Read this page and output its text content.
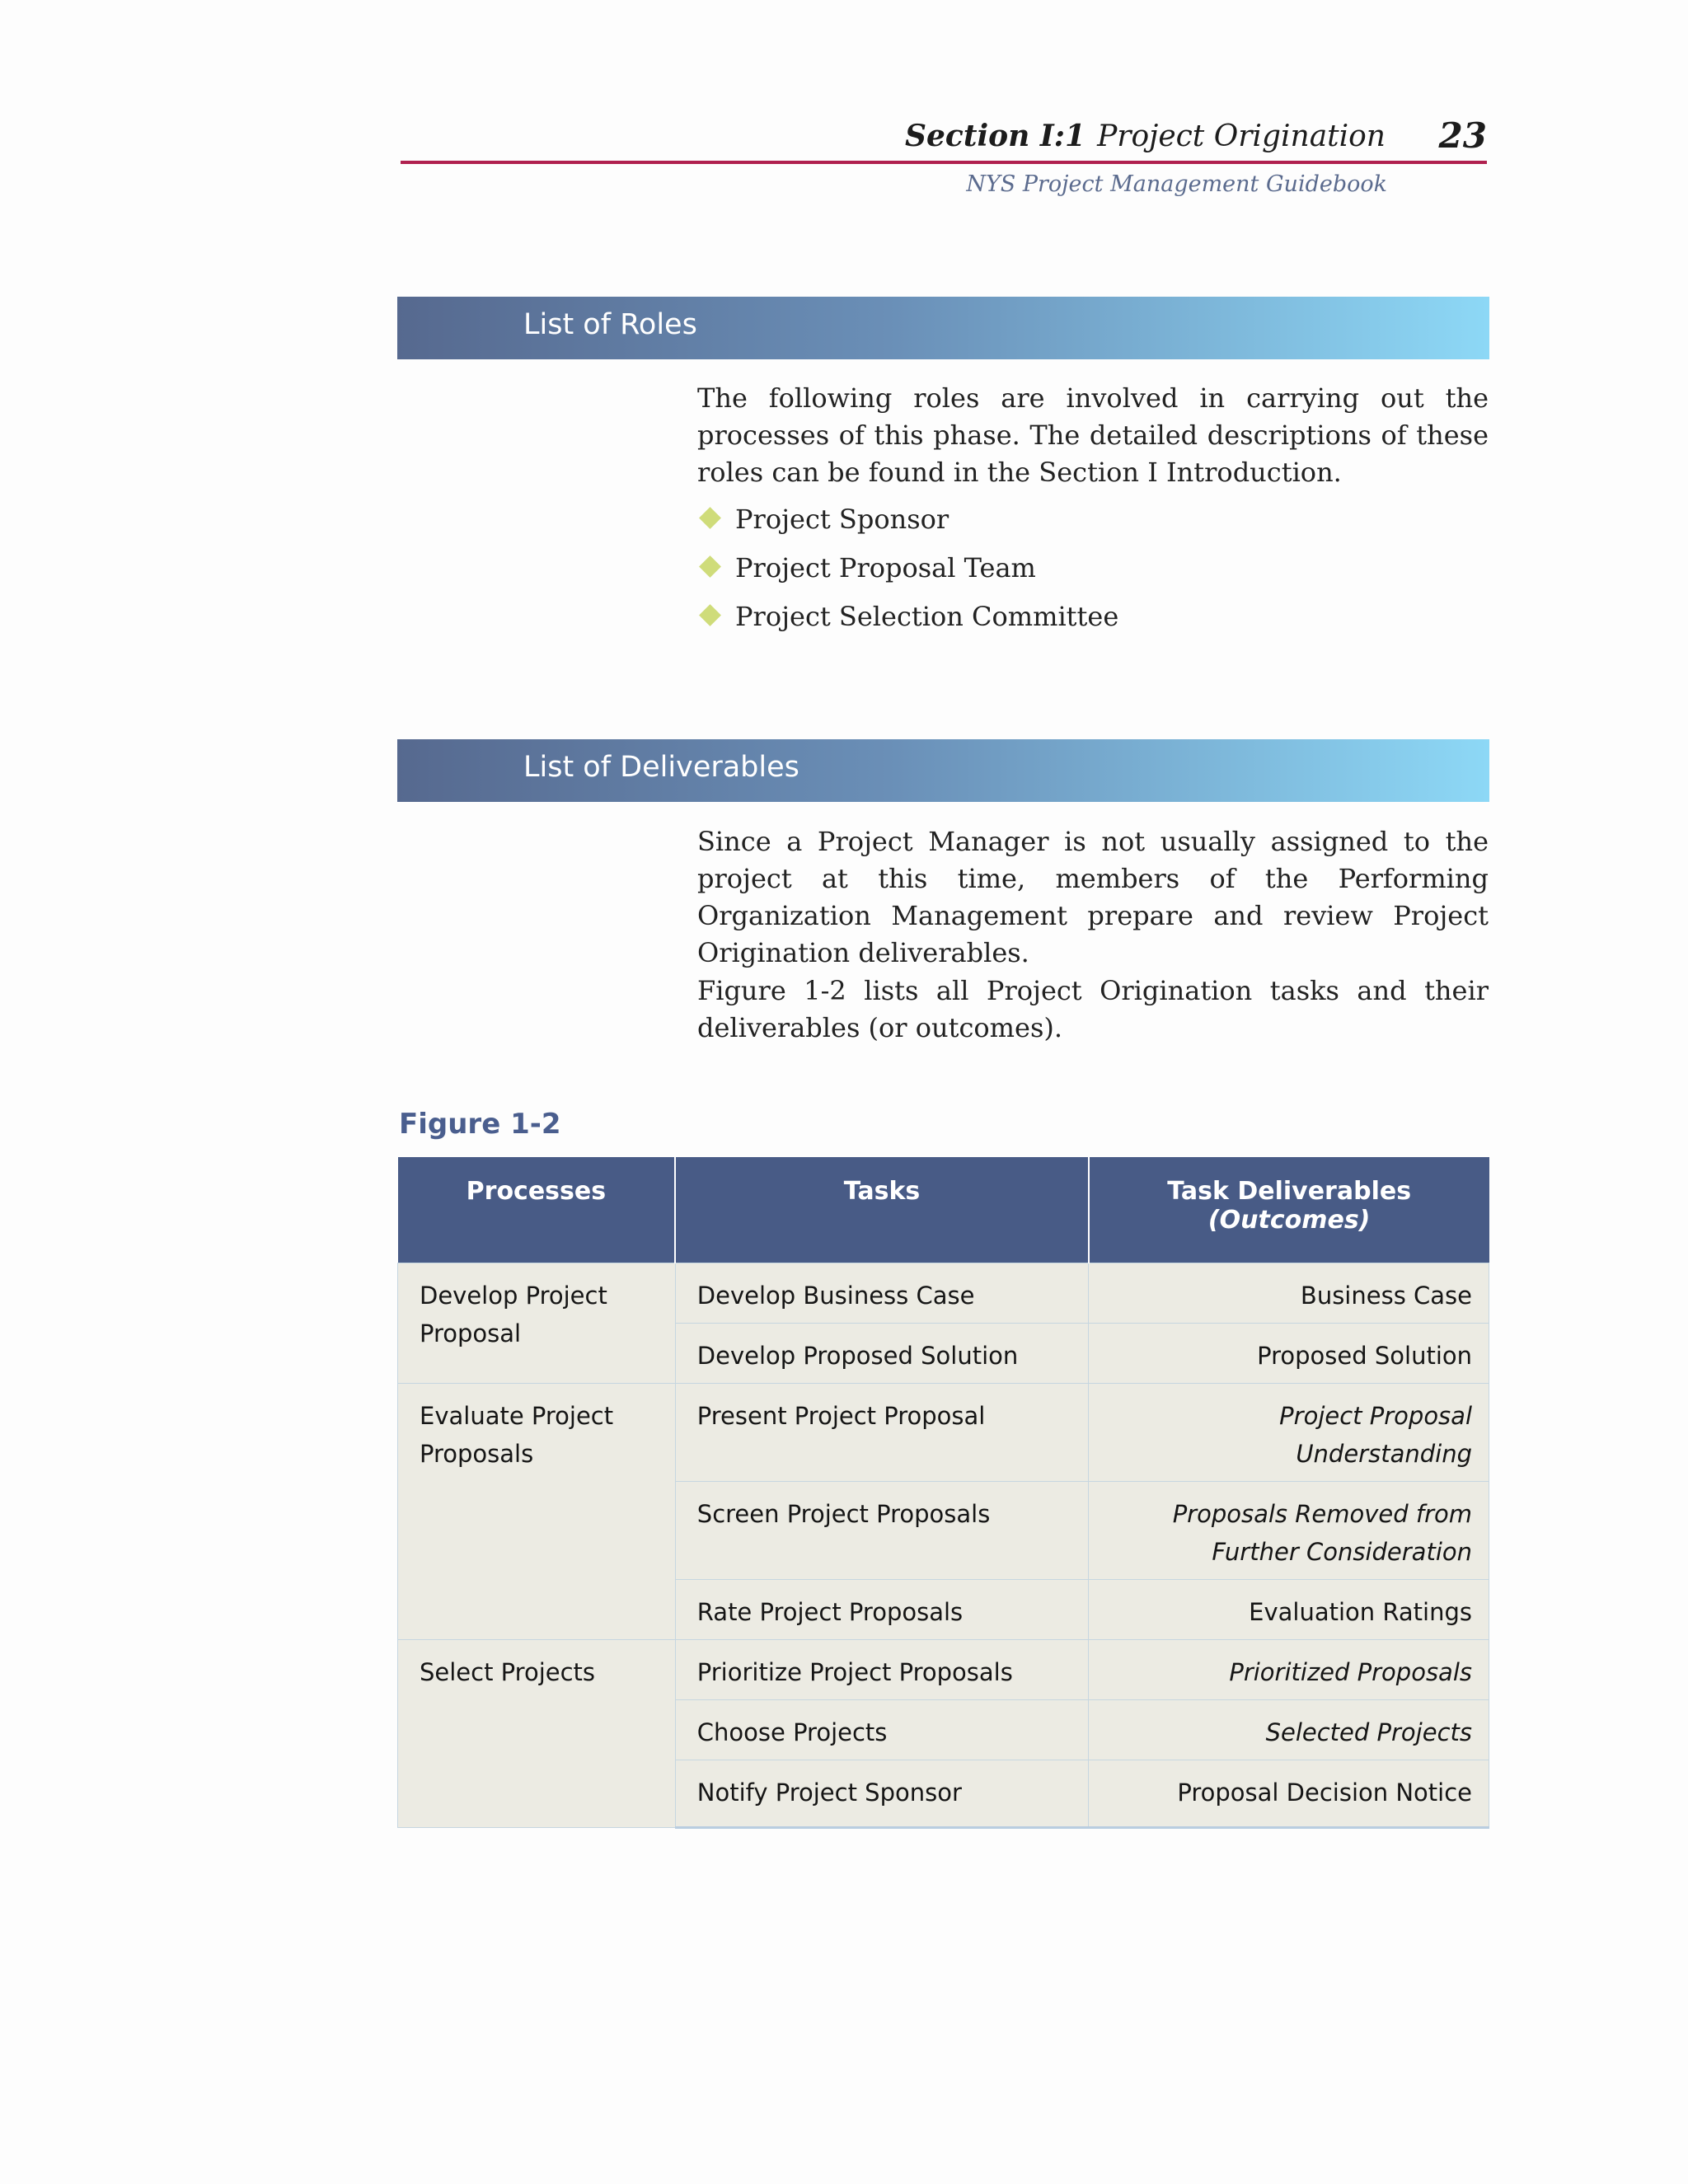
Section I:1 Project Origination 23
NYS Project Management Guidebook
List of Roles
The following roles are involved in carrying out the processes of this phase. The detailed descriptions of these roles can be found in the Section I Introduction.
Project Sponsor
Project Proposal Team
Project Selection Committee
List of Deliverables
Since a Project Manager is not usually assigned to the project at this time, members of the Performing Organization Management prepare and review Project Origination deliverables.
Figure 1-2 lists all Project Origination tasks and their deliverables (or outcomes).
Figure 1-2
Processes	Tasks	Task Deliverables
(Outcomes)

Develop Project Proposal	Develop Business Case	Business Case
	Develop Proposed Solution	Proposed Solution
Evaluate Project Proposals	Present Project Proposal	Project Proposal Understanding
	Screen Project Proposals	Proposals Removed from Further Consideration
	Rate Project Proposals	Evaluation Ratings
Select Projects	Prioritize Project Proposals	Prioritized Proposals
	Choose Projects	Selected Projects
	Notify Project Sponsor	Proposal Decision Notice
